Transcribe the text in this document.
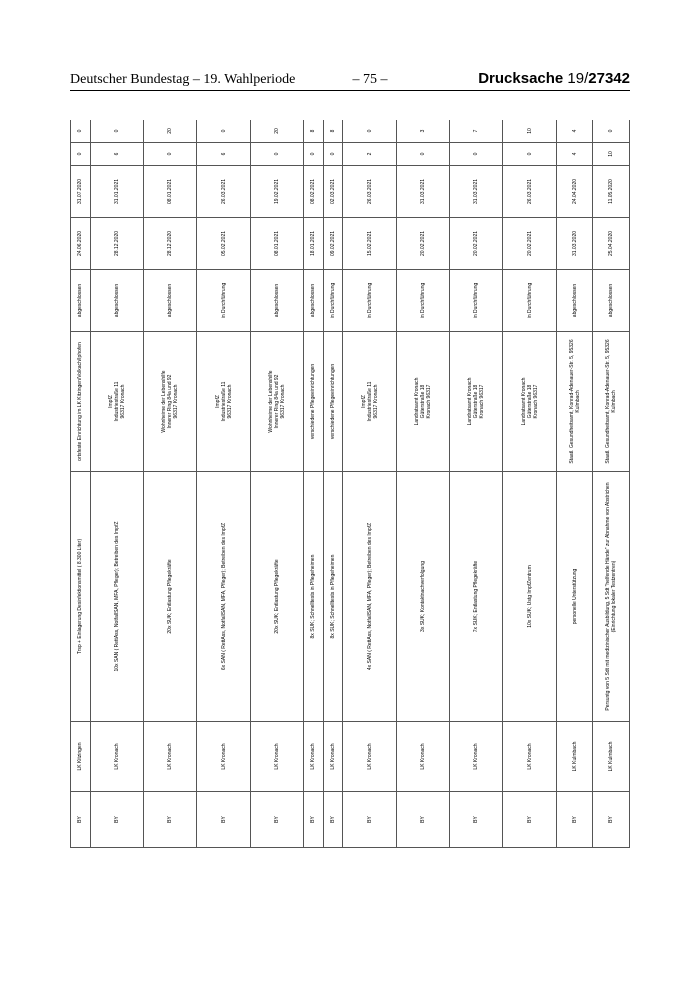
Deutscher Bundestag – 19. Wahlperiode	– 75 –	Drucksache 19/27342
BY	LK Kitzingen	Trsp + Einlagerung Desinfektionsmittel ( 8.300 Liter)	ortsfeste Einrichtung im LK Kitzingen/Volkach/Iphofen	abgeschlossen	24.06.2020	31.07.2020	0	0
BY	LK Kronach	10x SAN ( RettAss, NotfallSAN, MFA, Pfleger); Betreiben des ImpfZ	ImpfZ Industriestraße 11 96317 Kronach	abgeschlossen	28.12.2020	31.01.2021	6	0
BY	LK Kronach	20x SUK; Entlastung Pflegekräfte	Wohnheime der Lebenshilfe Innerer Ring 84a und 92 96317 Kronach	abgeschlossen	28.12.2020	08.01.2021	0	20
BY	LK Kronach	6x SAN ( RettAss, NotfallSAN, MFA, Pfleger); Betreiben des ImpfZ	ImpfZ Industriestraße 11 96317 Kronach	in Durchführung	05.02.2021	26.03.2021	6	0
BY	LK Kronach	20x SUK; Entlastung Pflegekräfte	Wohnheime der Lebenshilfe Innerer Ring 84a und 92 96317 Kronach	abgeschlossen	08.01.2021	19.02.2021	0	20
BY	LK Kronach	8x SUK; Schnelltests in Pflegeheimen	verschiedene Pflegeeinrichtungen	abgeschlossen	18.01.2021	08.02.2021	0	8
BY	LK Kronach	8x SUK; Schnelltests in Pflegeheimen	verschiedene Pflegeeinrichtungen	in Durchführung	09.02.2021	02.03.2021	0	8
BY	LK Kronach	4x SAN ( RettAss, NotfallSAN, MFA, Pfleger); Betreiben des ImpfZ	ImpfZ Industriestraße 11 96317 Kronach	in Durchführung	15.02.2021	26.03.2021	2	0
BY	LK Kronach	3x SUK; Kontaktnachverfolgung	Landratsamt Kronach Güterstraße 18 Kronach 96317	in Durchführung	20.02.2021	31.03.2021	0	3
BY	LK Kronach	7x SUK; Entlastung Pflegekräfte	Landratsamt Kronach Güterstraße 18 Kronach 96317	in Durchführung	20.02.2021	31.03.2021	0	7
BY	LK Kronach	10x SUK; Ustg ImpfZentrum	Landratsamt Kronach Güterstraße 18 Kronach 96317	in Durchführung	20.02.2021	26.03.2021	0	10
BY	LK Kulmbach	personelle Unterstützung	Staatl. Gesundheitsamt, Konrad-Adenauer-Str. 5, 95326 Kulmbach	abgeschlossen	31.03.2020	24.04.2020	4	4
BY	LK Kulmbach	Persuntg von 5 Sdt mit medizinischer Ausbildung, 5 Sdt "helfende Hände" zur Abnahme von Abstrichen (Einrichtung lokaler Testzentren)	Staatl. Gesundheitsamt, Konrad-Adenauer-Str. 5, 95326 Kulmbach	abgeschlossen	25.04.2020	11.05.2020	10	0
